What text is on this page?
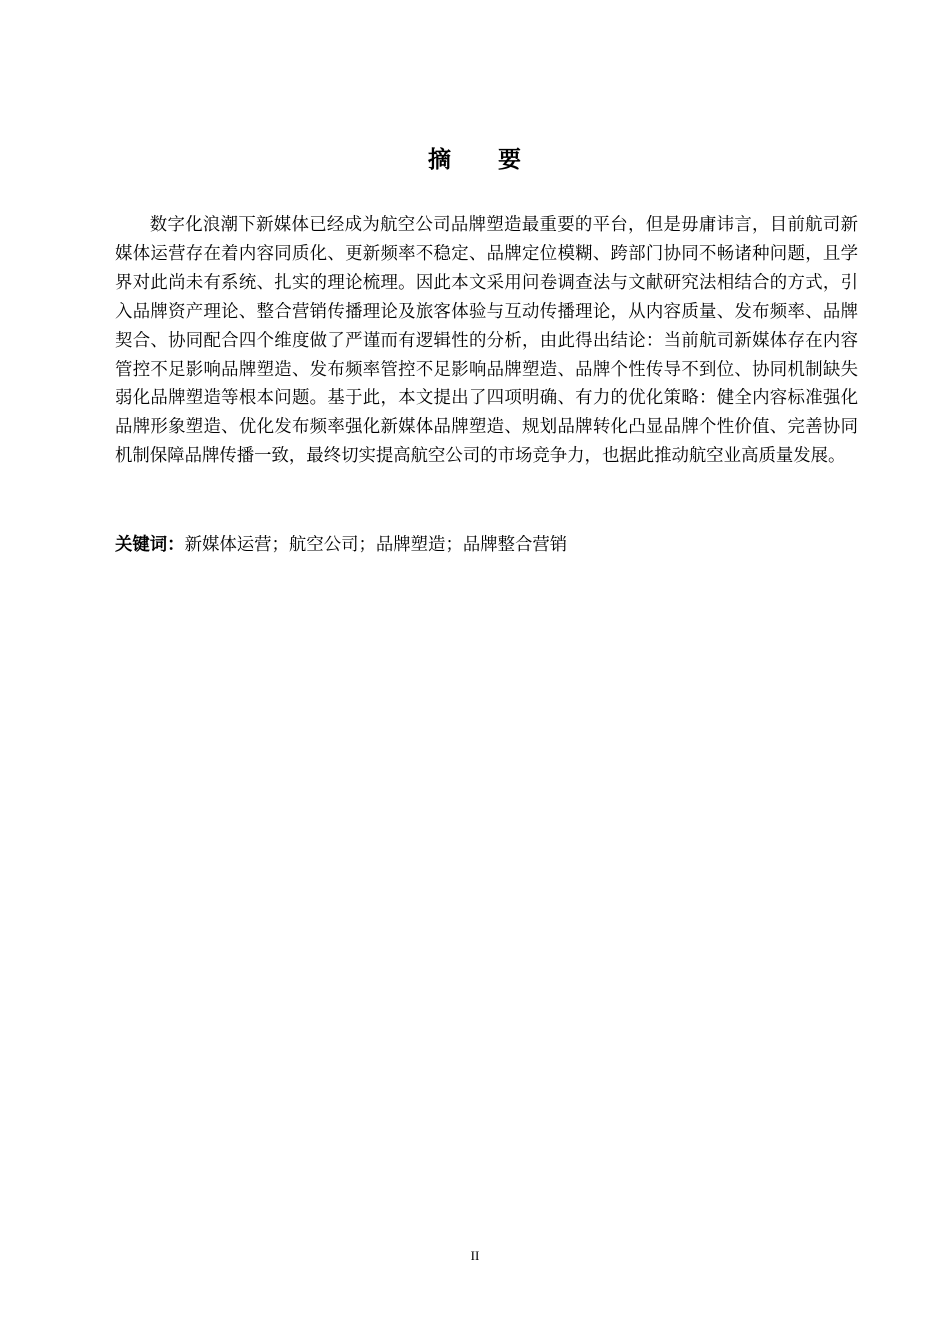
摘 要

数字化浪潮下新媒体已经成为航空公司品牌塑造最重要的平台，但是毋庸讳言，目前航司新媒体运营存在着内容同质化、更新频率不稳定、品牌定位模糊、跨部门协同不畅诸种问题，且学界对此尚未有系统、扎实的理论梳理。因此本文采用问卷调查法与文献研究法相结合的方式，引入品牌资产理论、整合营销传播理论及旅客体验与互动传播理论，从内容质量、发布频率、品牌契合、协同配合四个维度做了严谨而有逻辑性的分析，由此得出结论：当前航司新媒体存在内容管控不足影响品牌塑造、发布频率管控不足影响品牌塑造、品牌个性传导不到位、协同机制缺失弱化品牌塑造等根本问题。基于此，本文提出了四项明确、有力的优化策略：健全内容标准强化品牌形象塑造、优化发布频率强化新媒体品牌塑造、规划品牌转化凸显品牌个性价值、完善协同机制保障品牌传播一致，最终切实提高航空公司的市场竞争力，也据此推动航空业高质量发展。

关键词：新媒体运营；航空公司；品牌塑造；品牌整合营销

II
